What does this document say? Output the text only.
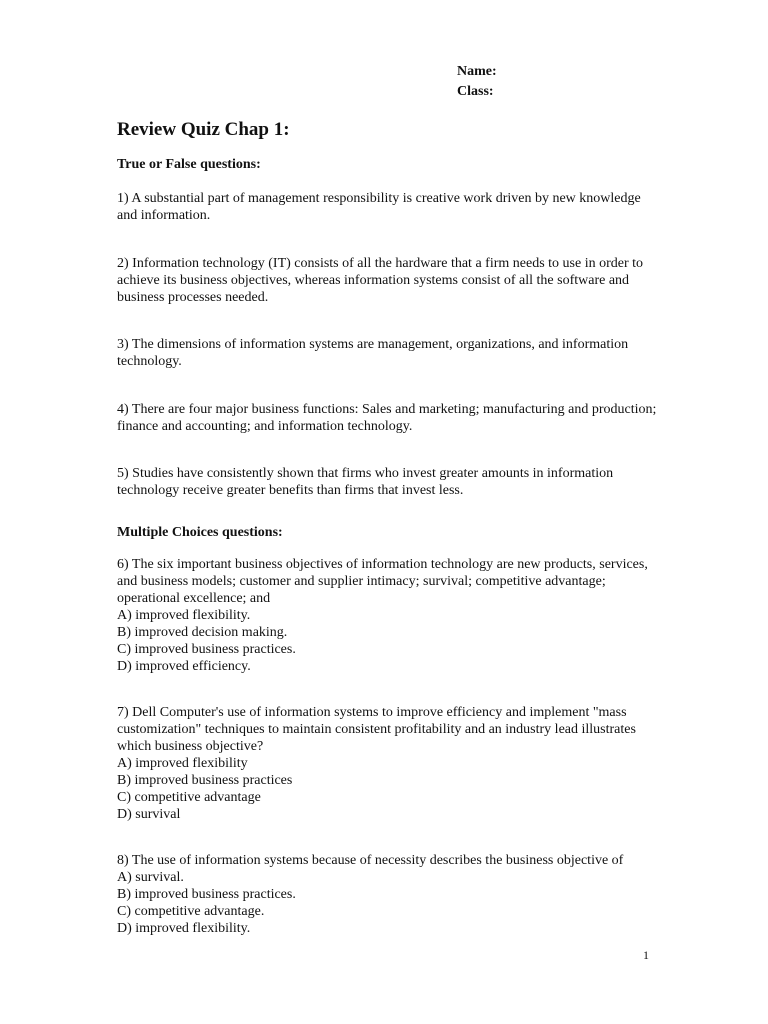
Name:
Class:
Review Quiz Chap 1:
True or False questions:

1) A substantial part of management responsibility is creative work driven by new knowledge and information.

2) Information technology (IT) consists of all the hardware that a firm needs to use in order to achieve its business objectives, whereas information systems consist of all the software and business processes needed.

3) The dimensions of information systems are management, organizations, and information technology.

4) There are four major business functions: Sales and marketing; manufacturing and production; finance and accounting; and information technology.

5) Studies have consistently shown that firms who invest greater amounts in information technology receive greater benefits than firms that invest less.

Multiple Choices questions:

6) The six important business objectives of information technology are new products, services, and business models; customer and supplier intimacy; survival; competitive advantage; operational excellence; and

A) improved flexibility.
B) improved decision making.
C) improved business practices.
D) improved efficiency.

7) Dell Computer's use of information systems to improve efficiency and implement "mass customization" techniques to maintain consistent profitability and an industry lead illustrates which business objective?

A) improved flexibility
B) improved business practices
C) competitive advantage
D) survival

8) The use of information systems because of necessity describes the business objective of

A) survival.
B) improved business practices.
C) competitive advantage.
D) improved flexibility.
1
